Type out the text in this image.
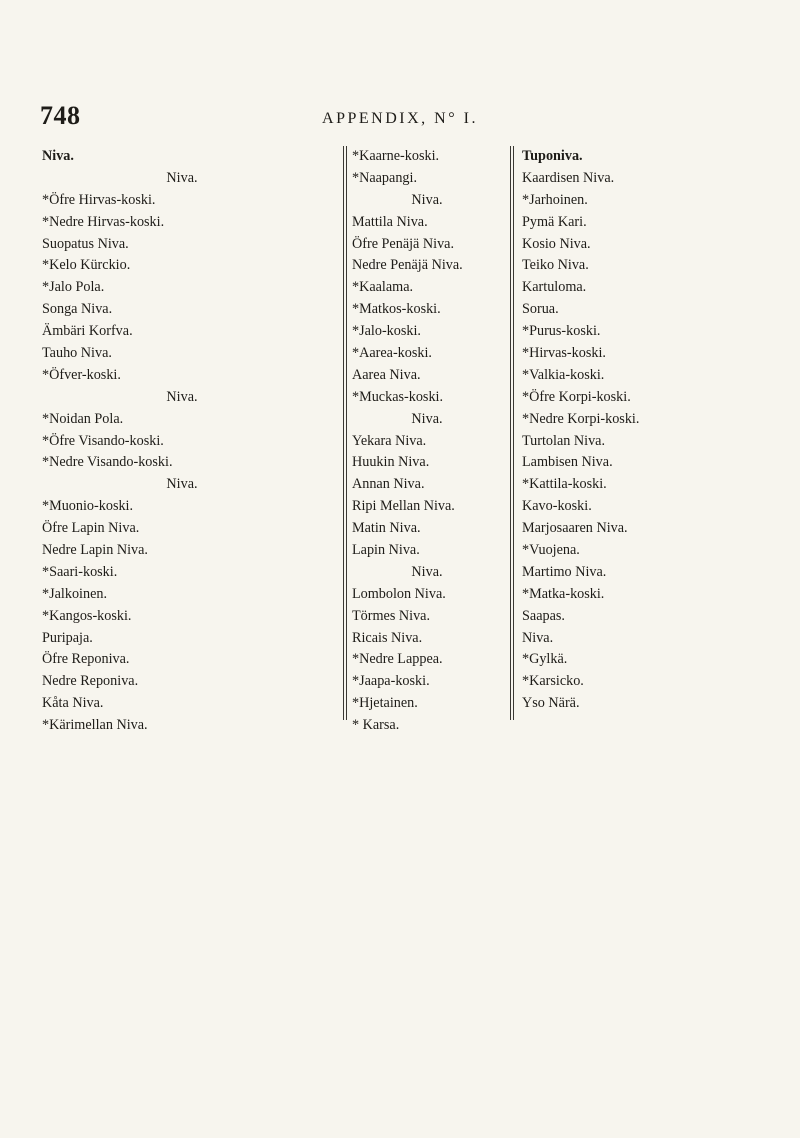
748	APPENDIX, N° I.
Niva.
Niva.
*Öfre Hirvas-koski.
*Nedre Hirvas-koski.
Suopatus Niva.
*Kelo Kürckio.
*Jalo Pola.
Songa Niva.
Ämbäri Korfva.
Tauho Niva.
*Öfver-koski.
Niva.
*Noidan Pola.
*Öfre Visando-koski.
*Nedre Visando-koski.
Niva.
*Muonio-koski.
Öfre Lapin Niva.
Nedre Lapin Niva.
*Saari-koski.
*Jalkoinen.
*Kangos-koski.
Puripaja.
Öfre Reponiva.
Nedre Reponiva.
Kåta Niva.
*Kärimellan Niva.
*Kaarne-koski.
*Naapangi.
Niva.
Mattila Niva.
Öfre Penäjä Niva.
Nedre Penäjä Niva.
*Kaalama.
*Matkos-koski.
*Jalo-koski.
*Aarea-koski.
Aarea Niva.
*Muckas-koski.
Niva.
Yekara Niva.
Huukin Niva.
Annan Niva.
Ripi Mellan Niva.
Matin Niva.
Lapin Niva.
Niva.
Lombolon Niva.
Törmes Niva.
Ricais Niva.
*Nedre Lappea.
*Jaapa-koski.
*Hjetainen.
* Karsa.
Tuponiva.
Kaardisen Niva.
*Jarhoinen.
Pymä Kari.
Kosio Niva.
Teiko Niva.
Kartuloma.
Sorua.
*Purus-koski.
*Hirvas-koski.
*Valkia-koski.
*Öfre Korpi-koski.
*Nedre Korpi-koski.
Turtolan Niva.
Lambisen Niva.
*Kattila-koski.
Kavo-koski.
Marjosaaren Niva.
*Vuojena.
Martimo Niva.
*Matka-koski.
Saapas.
Niva.
*Gylkä.
*Karsicko.
Yso Närä.
